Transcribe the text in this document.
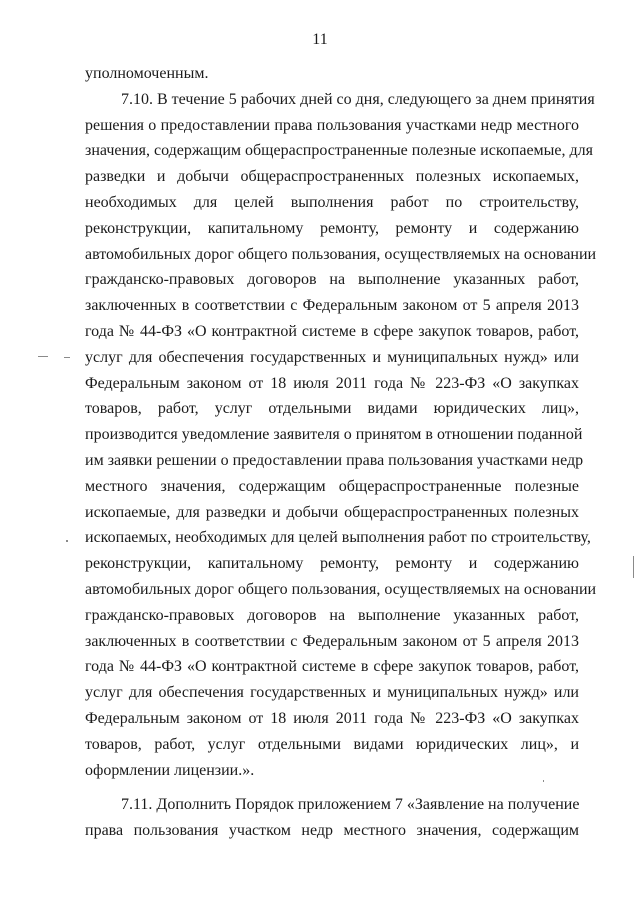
11
уполномоченным.
7.10. В течение 5 рабочих дней со дня, следующего за днем принятия
решения о предоставлении права пользования участками недр местного
значения, содержащим общераспространенные полезные ископаемые, для
разведки и добычи общераспространенных полезных ископаемых,
необходимых для целей выполнения работ по строительству,
реконструкции, капитальному ремонту, ремонту и содержанию
автомобильных дорог общего пользования, осуществляемых на основании
гражданско-правовых договоров на выполнение указанных работ,
заключенных в соответствии с Федеральным законом от 5 апреля 2013
года № 44-ФЗ «О контрактной системе в сфере закупок товаров, работ,
услуг для обеспечения государственных и муниципальных нужд» или
Федеральным законом от 18 июля 2011 года № 223-ФЗ «О закупках
товаров, работ, услуг отдельными видами юридических лиц»,
производится уведомление заявителя о принятом в отношении поданной
им заявки решении о предоставлении права пользования участками недр
местного значения, содержащим общераспространенные полезные
ископаемые, для разведки и добычи общераспространенных полезных
ископаемых, необходимых для целей выполнения работ по строительству,
реконструкции, капитальному ремонту, ремонту и содержанию
автомобильных дорог общего пользования, осуществляемых на основании
гражданско-правовых договоров на выполнение указанных работ,
заключенных в соответствии с Федеральным законом от 5 апреля 2013
года № 44-ФЗ «О контрактной системе в сфере закупок товаров, работ,
услуг для обеспечения государственных и муниципальных нужд» или
Федеральным законом от 18 июля 2011 года № 223-ФЗ «О закупках
товаров, работ, услуг отдельными видами юридических лиц», и
оформлении лицензии.».
7.11. Дополнить Порядок приложением 7 «Заявление на получение
права пользования участком недр местного значения, содержащим
